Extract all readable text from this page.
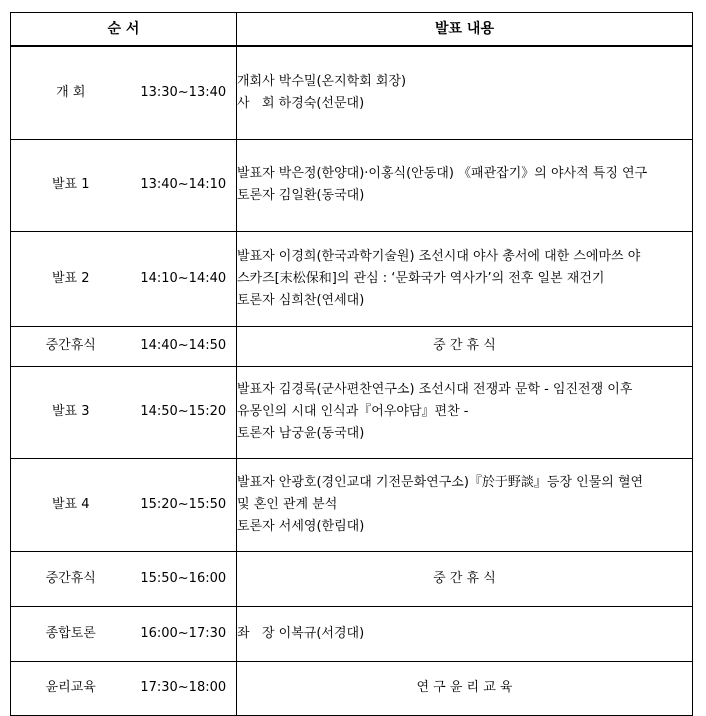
순 서		발표 내용
개 회	13:30~13:40	개회사 박수밀(온지학회 회장)
사   회 하경숙(선문대)

발표 1	13:40~14:10	발표자 박은정(한양대)·이홍식(안동대) 《패관잡기》의 야사적 특징 연구
토론자 김일환(동국대)

발표 2	14:10~14:40	발표자 이경희(한국과학기술원) 조선시대 야사 총서에 대한 스에마쓰 야
스카즈[末松保和]의 관심 : ‘문화국가 역사가’의 전후 일본 재건기
토론자 심희찬(연세대)

중간휴식	14:40~14:50	중 간 휴 식
발표 3	14:50~15:20	발표자 김경록(군사편찬연구소) 조선시대 전쟁과 문학 - 임진전쟁 이후
유몽인의 시대 인식과『어우야담』편찬 -
토론자 남궁윤(동국대)

발표 4	15:20~15:50	발표자 안광호(경인교대 기전문화연구소)『於于野談』등장 인물의 혈연
및 혼인 관계 분석
토론자 서세영(한림대)

중간휴식	15:50~16:00	중 간 휴 식
종합토론	16:00~17:30	좌   장 이복규(서경대)

윤리교육	17:30~18:00	연 구 윤 리 교 육
